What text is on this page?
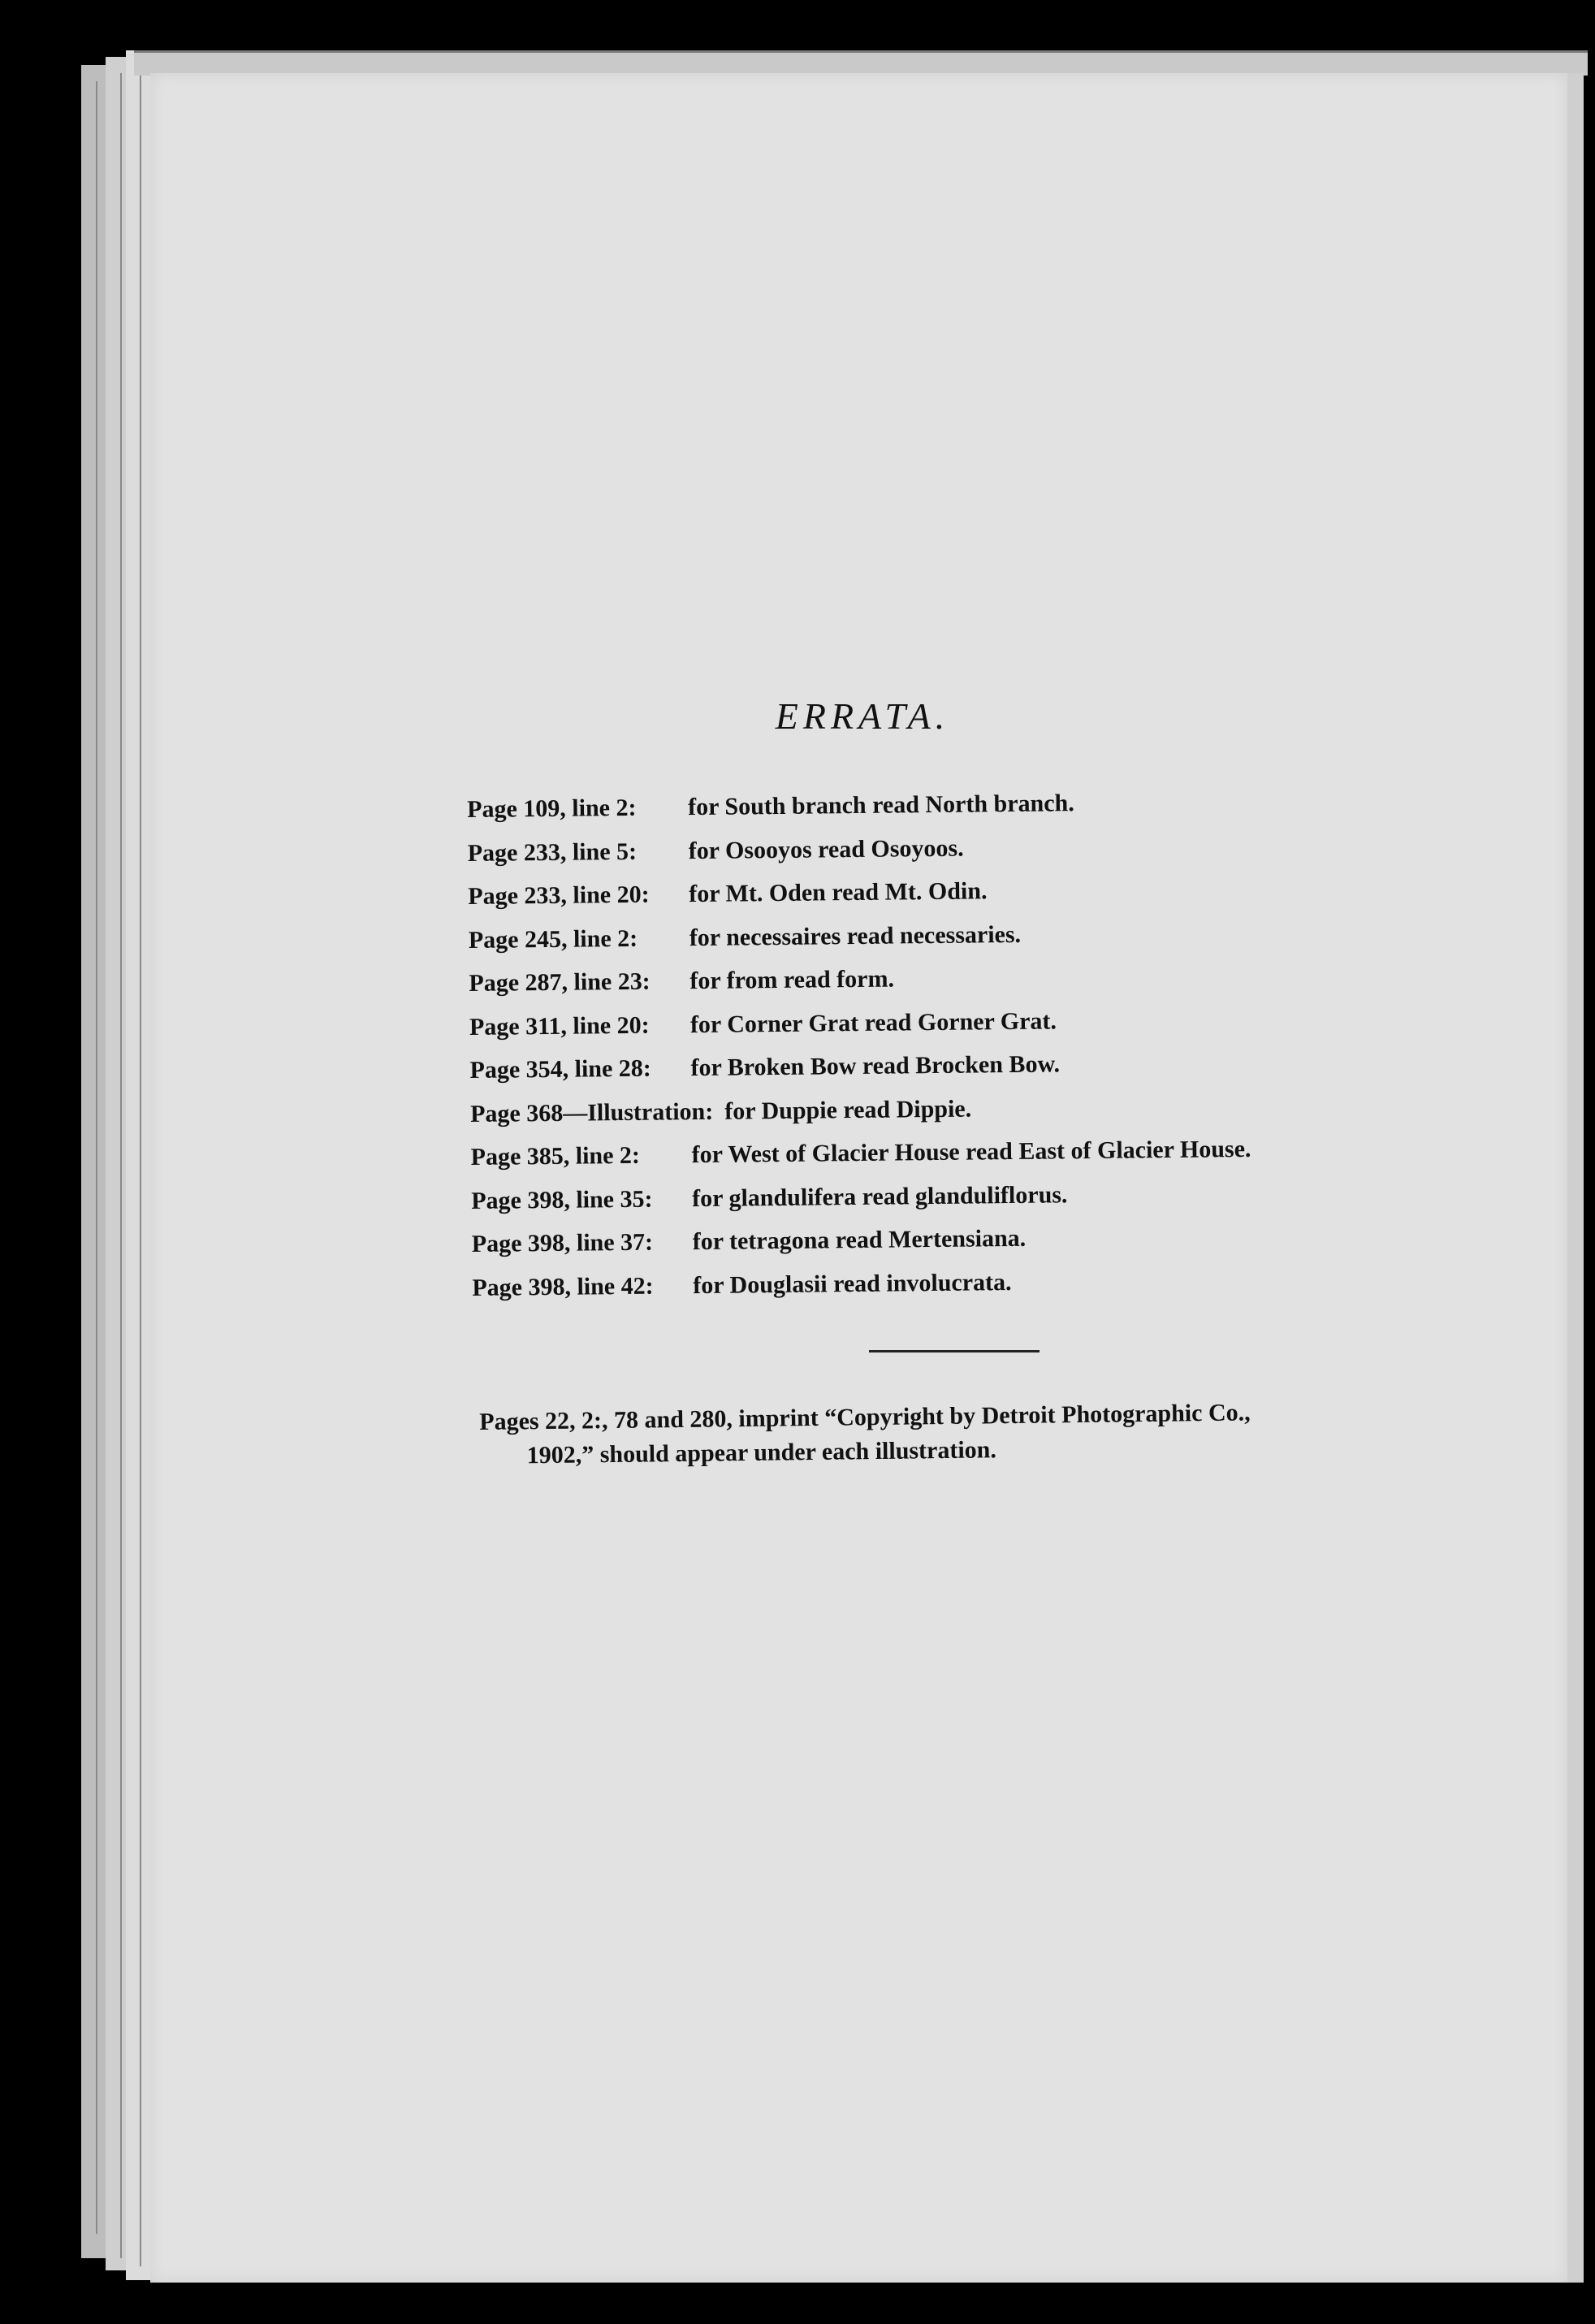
ERRATA.
Page 109, line 2:	for South branch read North branch.
Page 233, line 5:	for Osooyos read Osoyoos.
Page 233, line 20:	for Mt. Oden read Mt. Odin.
Page 245, line 2:	for necessaires read necessaries.
Page 287, line 23:	for from read form.
Page 311, line 20:	for Corner Grat read Gorner Grat.
Page 354, line 28:	for Broken Bow read Brocken Bow.
Page 368—Illustration: for Duppie read Dippie.
Page 385, line 2:	for West of Glacier House read East of Glacier House.
Page 398, line 35:	for glandulifera read glanduliflorus.
Page 398, line 37:	for tetragona read Mertensiana.
Page 398, line 42:	for Douglasii read involucrata.
Pages 22, 2:, 78 and 280, imprint “Copyright by Detroit Photographic Co.,
1902,” should appear under each illustration.
